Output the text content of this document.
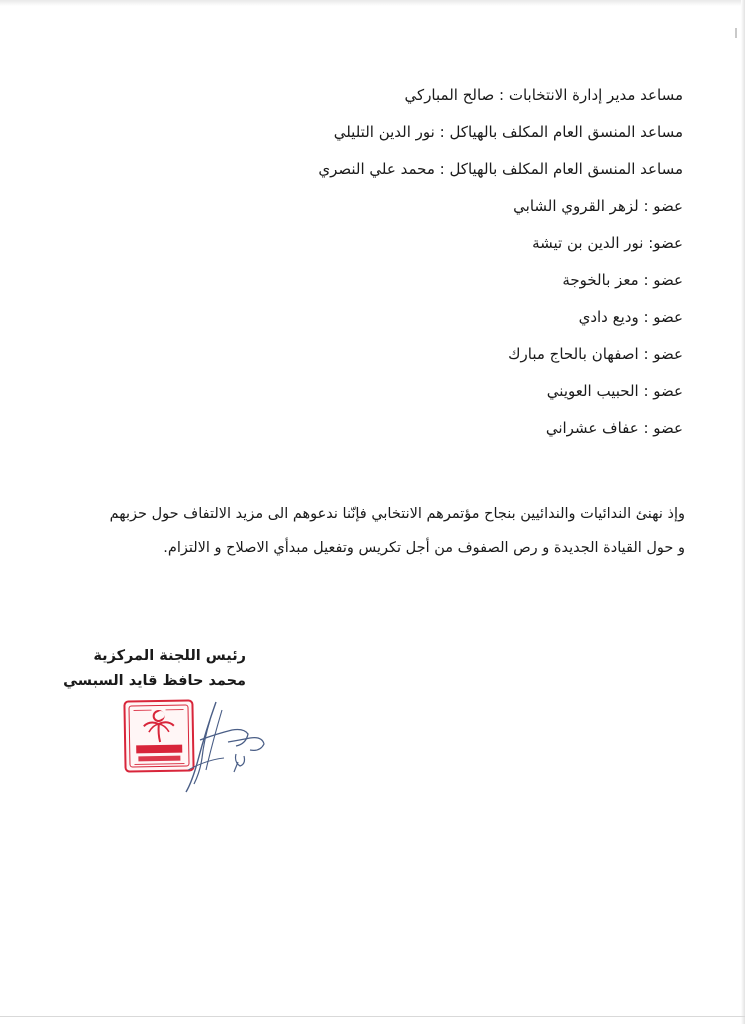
مساعد مدير إدارة الانتخابات : صالح المباركي
مساعد المنسق العام المكلف بالهياكل : نور الدين التليلي
مساعد المنسق العام المكلف بالهياكل : محمد علي النصري
عضو : لزهر القروي الشابي
عضو: نور الدين بن تيشة
عضو : معز بالخوجة
عضو : وديع دادي
عضو : اصفهان بالحاج مبارك
عضو : الحبيب العويني
عضو : عفاف عشراني

وإذ نهنئ الندائيات والندائيين بنجاح مؤتمرهم الانتخابي فإنّنا ندعوهم الى مزيد الالتفاف حول حزبهم
و حول القيادة الجديدة و رص الصفوف من أجل تكريس وتفعيل مبدأي الاصلاح و الالتزام.

رئيس اللجنة المركزية
محمد حافظ قايد السبسي
